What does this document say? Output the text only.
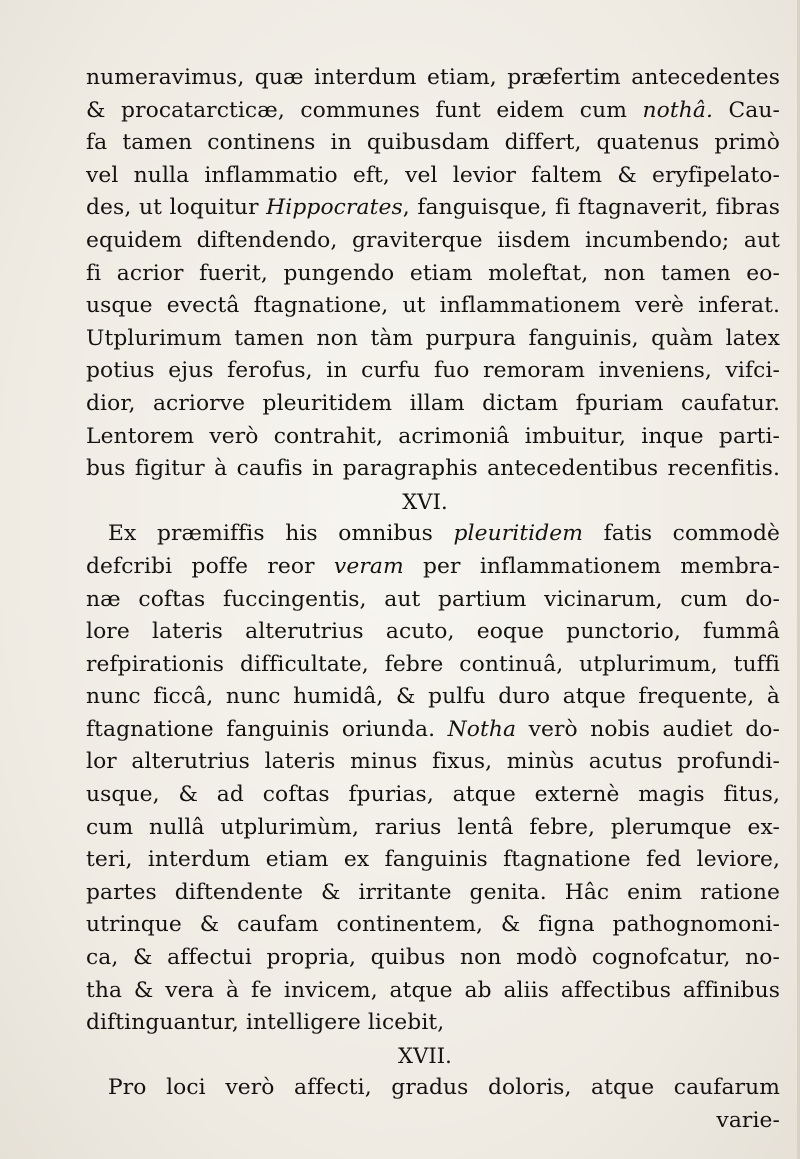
numeravimus, quæ interdum etiam, præfertim antecedentes
& procatarcticæ, communes funt eidem cum nothâ. Cau-
fa tamen continens in quibusdam differt, quatenus primò
vel nulla inflammatio eft, vel levior faltem & eryfipelato-
des, ut loquitur Hippocrates, fanguisque, fi ftagnaverit, fibras
equidem diftendendo, graviterque iisdem incumbendo; aut
fi acrior fuerit, pungendo etiam moleftat, non tamen eo-
usque evectâ ftagnatione, ut inflammationem verè inferat.
Utplurimum tamen non tàm purpura fanguinis, quàm latex
potius ejus ferofus, in curfu fuo remoram inveniens, vifci-
dior, acriorve pleuritidem illam dictam fpuriam caufatur.
Lentorem verò contrahit, acrimoniâ imbuitur, inque parti-
bus figitur à caufis in paragraphis antecedentibus recenfitis.
XVI.
Ex præmiffis his omnibus pleuritidem fatis commodè
defcribi poffe reor veram per inflammationem membra-
næ coftas fuccingentis, aut partium vicinarum, cum do-
lore lateris alterutrius acuto, eoque punctorio, fummâ
refpirationis difficultate, febre continuâ, utplurimum, tuffi
nunc ficcâ, nunc humidâ, & pulfu duro atque frequente, à
ftagnatione fanguinis oriunda. Notha verò nobis audiet do-
lor alterutrius lateris minus fixus, minùs acutus profundi-
usque, & ad coftas fpurias, atque externè magis fitus,
cum nullâ utplurimùm, rarius lentâ febre, plerumque ex-
teri, interdum etiam ex fanguinis ftagnatione fed leviore,
partes diftendente & irritante genita. Hâc enim ratione
utrinque & caufam continentem, & figna pathognomoni-
ca, & affectui propria, quibus non modò cognofcatur, no-
tha & vera à fe invicem, atque ab aliis affectibus affinibus
diftinguantur, intelligere licebit,
XVII.
Pro loci verò affecti, gradus doloris, atque caufarum
varie-
